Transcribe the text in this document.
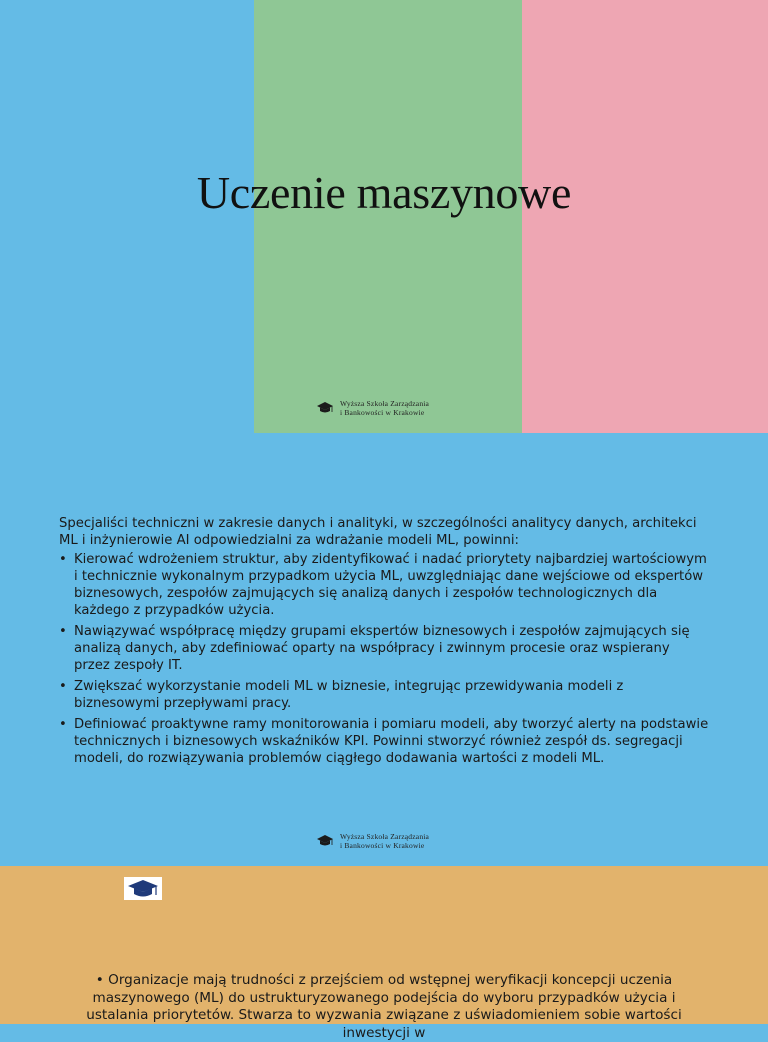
Uczenie maszynowe
Wyższa Szkoła Zarządzania
i Bankowości w Krakowie

Specjaliści techniczni w zakresie danych i analityki, w szczególności analitycy danych, architekci ML i inżynierowie AI odpowiedzialni za wdrażanie modeli ML, powinni:

• Kierować wdrożeniem struktur, aby zidentyfikować i nadać priorytety najbardziej wartościowym i technicznie wykonalnym przypadkom użycia ML, uwzględniając dane wejściowe od ekspertów biznesowych, zespołów zajmujących się analizą danych i zespołów technologicznych dla każdego z przypadków użycia.
• Nawiązywać współpracę między grupami ekspertów biznesowych i zespołów zajmujących się analizą danych, aby zdefiniować oparty na współpracy i zwinnym procesie oraz wspierany przez zespoły IT.
• Zwiększać wykorzystanie modeli ML w biznesie, integrując przewidywania modeli z biznesowymi przepływami pracy.
• Definiować proaktywne ramy monitorowania i pomiaru modeli, aby tworzyć alerty na podstawie technicznych i biznesowych wskaźników KPI. Powinni stworzyć również zespół ds. segregacji modeli, do rozwiązywania problemów ciągłego dodawania wartości z modeli ML.
Wyższa Szkoła Zarządzania
i Bankowości w Krakowie
• Organizacje mają trudności z przejściem od wstępnej weryfikacji koncepcji uczenia maszynowego (ML) do ustrukturyzowanego podejścia do wyboru przypadków użycia i ustalania priorytetów. Stwarza to wyzwania związane z uświadomieniem sobie wartości inwestycji w
